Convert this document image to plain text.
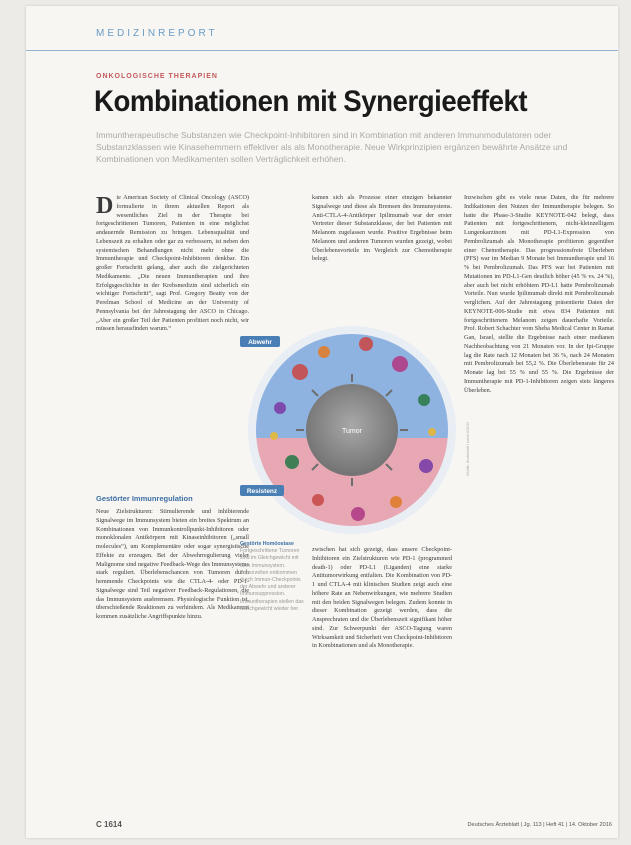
MEDIZINREPORT
ONKOLOGISCHE THERAPIEN
Kombinationen mit Synergieeffekt
Immuntherapeutische Substanzen wie Checkpoint-Inhibitoren sind in Kombination mit anderen Immunmodulatoren oder Substanzklassen wie Kinasehemmern effektiver als als Monotherapie. Neue Wirkprinzipien ergänzen bewährte Ansätze und Kombinationen von Medikamenten sollen Verträglichkeit erhöhen.
D ie American Society of Clinical Oncology (ASCO) formulierte in ihrem aktuellen Report als wesentliches Ziel in der Therapie bei fortgeschrittenen Tumoren, Patienten in eine möglichst andauernde Remission zu bringen. Lebensqualität und Lebenszeit zu erhalten oder gar zu verbessern, ist neben den systemischen Behandlungen nicht mehr ohne die Immuntherapie und Checkpoint-Inhibitoren denkbar. Ein großer Fortschritt gelang, aber auch die zielgerichteten Medikamente. „Die neuen Immuntherapien und ihre Erfolgsgeschichte in der Krebsmedizin sind sicherlich ein wichtiger Fortschritt“, sagt Prof. Gregory Beatty von der Perelman School of Medicine an der University of Pennsylvania bei der Jahrestagung der ASCO in Chicago. „Aber ein großer Teil der Patienten profitiert noch nicht, wir müssen herausfinden warum.“

Gestörter Immunregulation

Neue Zielstrukturen: Stimulierende und inhibierende Signalwege im Immunsystem bieten ein breites Spektrum an Kombinationen von Immunkontrollpunkt-Inhibitoren oder monoklonalen Antikörpern mit Kinaseinhibitoren („small molecules“), um Komplementäre oder sogar synergistische Effekte zu erzeugen. Bei der Abwehrregulierung vieler Malignome sind negative Feedback-Wege des Immunsystems stark reguliert. Überlebenschancen von Tumoren durch hemmende Checkpoints wie die CTLA-4- oder PD-1-Signalwege sind Teil negativer Feedback-Regulationen, die das Immunsystem ausbremsen. Physiologische Funktion ist, überschießende Reaktionen zu verhindern. Als Medikament kommen zusätzliche Angriffspunkte hinzu.

kamen sich als Prozesse einer einzigen bekannter Signalwege und diese als Bremsen des Immunsystems. Anti-CTLA-4-Antikörper Ipilimumab war der erster Vertreter dieser Substanzklasse, der bei Patienten mit Melanom zugelassen wurde. Positive Ergebnisse beim Melanom und anderen Tumoren wurden gezeigt, wobei Überlebensvorteile im Vergleich zur Chemotherapie belegt.

Inzwischen gibt es viele neue Daten, die für mehrere Indikationen den Nutzen der Immuntherapie belegen. So hatte die Phase-3-Studie KEYNOTE-042 belegt, dass Patienten mit fortgeschrittenem, nicht-kleinzelligem Lungenkarzinom mit PD-L1-Expression von Pembrolizumab als Monotherapie profitieren gegenüber einer Chemotherapie. Das progressionsfreie Überleben (PFS) war im Median 9 Monate bei Immuntherapie und 16 % bei Pembrolizumab. Das PFS war bei Patienten mit Mutationen im PD-L1-Gen deutlich höher (45 % vs. 24 %), aber auch bei nicht erhöhtem PD-L1 hatte Pembrolizumab Vorteile. Nun wurde Ipilimumab direkt mit Pembrolizumab verglichen. Auf der Jahrestagung präsentierte Daten der KEYNOTE-006-Studie mit etwa 834 Patienten mit fortgeschrittenem Melanom zeigen dauerhafte Vorteile. Prof. Robert Schachter vom Sheba Medical Center in Ramat Gan, Israel, stellte die Ergebnisse nach einer medianen Nachbeobachtung von 21 Monaten vor. In der Ipi-Gruppe lag die Rate nach 12 Monaten bei 36 %, nach 24 Monaten mit Pembrolizumab bei 55,2 %. Die Überlebensrate für 24 Monate lag bei 55 % und 55 %. Die Ergebnisse der Immuntherapie mit PD-1-Inhibitoren zeigen stets längeres Überleben.

zwischen hat sich gezeigt, dass unsere Checkpoint-Inhibitoren ein Zielstrukturen wie PD-1 (programmed death-1) oder PD-L1 (Liganden) eine starke Antitumorwirkung entfalten. Die Kombination von PD-1 und CTLA-4 mit klinischen Studien zeigt auch eine höhere Rate an Nebenwirkungen, wie mehrere Studien mit den beiden Signalwegen belegen. Zudem konnte in dieser Kombination gezeigt werden, dass die Ansprechraten und die Überlebenszeit signifikant höher sind. Zur Schwerpunkt der ASCO-Tagung waren Wirksamkeit und Sicherheit von Checkpoint-Inhibitoren in Kombinationen und als Monotherapie.

Gestörte Homöostase
Fortgeschrittene Tumoren sind im Gleichgewicht mit dem Immunsystem. Tumorzellen entkommen durch Immun-Checkpoints der Abwehr und anderer Immunsuppression. Immuntherapien stellen das Gleichgewicht wieder her.
Tumor
Abwehr
Resistenz
Grafik: Ärzteblatt / nach ASCO
C 1614	Deutsches Ärzteblatt | Jg. 113 | Heft 41 | 14. Oktober 2016
